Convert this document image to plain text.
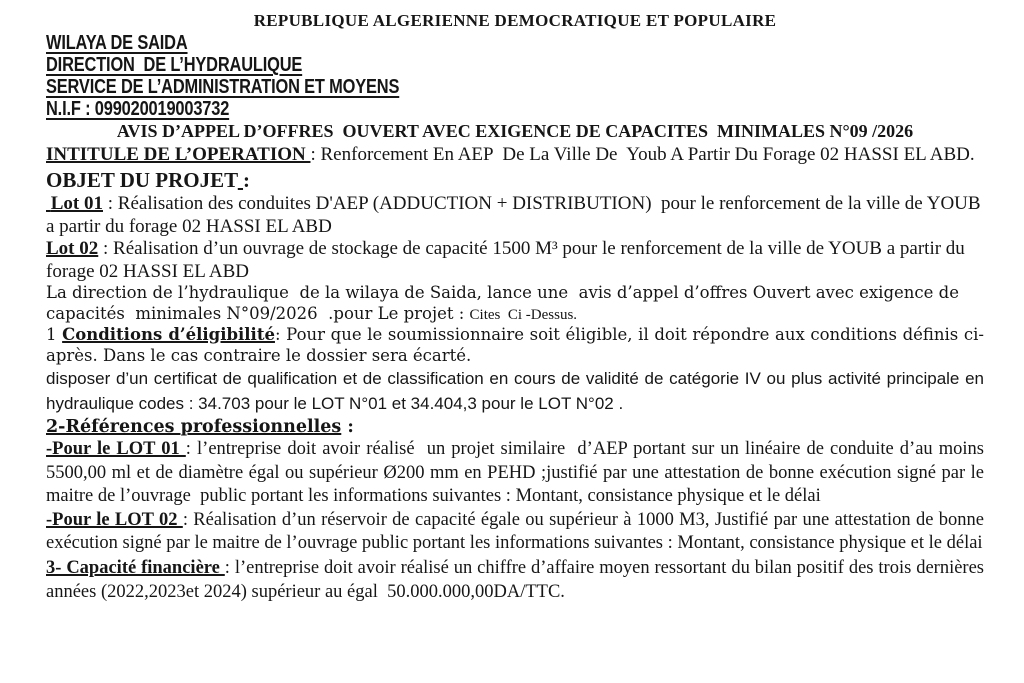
REPUBLIQUE ALGERIENNE DEMOCRATIQUE ET POPULAIRE

WILAYA DE SAIDA

DIRECTION  DE L’HYDRAULIQUE

SERVICE DE L’ADMINISTRATION ET MOYENS

N.I.F : 099020019003732

AVIS D’APPEL D’OFFRES  OUVERT AVEC EXIGENCE DE CAPACITES  MINIMALES N°09 /2026

INTITULE DE L’OPERATION : Renforcement En AEP  De La Ville De  Youb A Partir Du Forage 02 HASSI EL ABD.

OBJET DU PROJET :

Lot 01 : Réalisation des conduites D'AEP (ADDUCTION + DISTRIBUTION)  pour le renforcement de la ville de YOUB a partir du forage 02 HASSI EL ABD

Lot 02 : Réalisation d’un ouvrage de stockage de capacité 1500 M³ pour le renforcement de la ville de YOUB a partir du forage 02 HASSI EL ABD

La direction de l’hydraulique  de la wilaya de Saida, lance une  avis d’appel d’offres Ouvert avec exigence de capacités  minimales N°09/2026  .pour Le projet : Cites  Ci -Dessus.

1 Conditions d’éligibilité: Pour que le soumissionnaire soit éligible, il doit répondre aux conditions définis ci-après. Dans le cas contraire le dossier sera écarté.

disposer d’un certificat de qualification et de classification en cours de validité de catégorie IV ou plus activité principale en hydraulique codes : 34.703 pour le LOT N°01 et 34.404,3 pour le LOT N°02 .

2-Références professionnelles :

-Pour le LOT 01 : l’entreprise doit avoir réalisé  un projet similaire  d’AEP portant sur un linéaire de conduite d’au moins 5500,00 ml et de diamètre égal ou supérieur Ø200 mm en PEHD ;justifié par une attestation de bonne exécution signé par le maitre de l’ouvrage  public portant les informations suivantes : Montant, consistance physique et le délai

-Pour le LOT 02 : Réalisation d’un réservoir de capacité égale ou supérieur à 1000 M3, Justifié par une attestation de bonne exécution signé par le maitre de l’ouvrage public portant les informations suivantes : Montant, consistance physique et le délai

3- Capacité financière : l’entreprise doit avoir réalisé un chiffre d’affaire moyen ressortant du bilan positif des trois dernières années (2022,2023et 2024) supérieur au égal  50.000.000,00DA/TTC.
